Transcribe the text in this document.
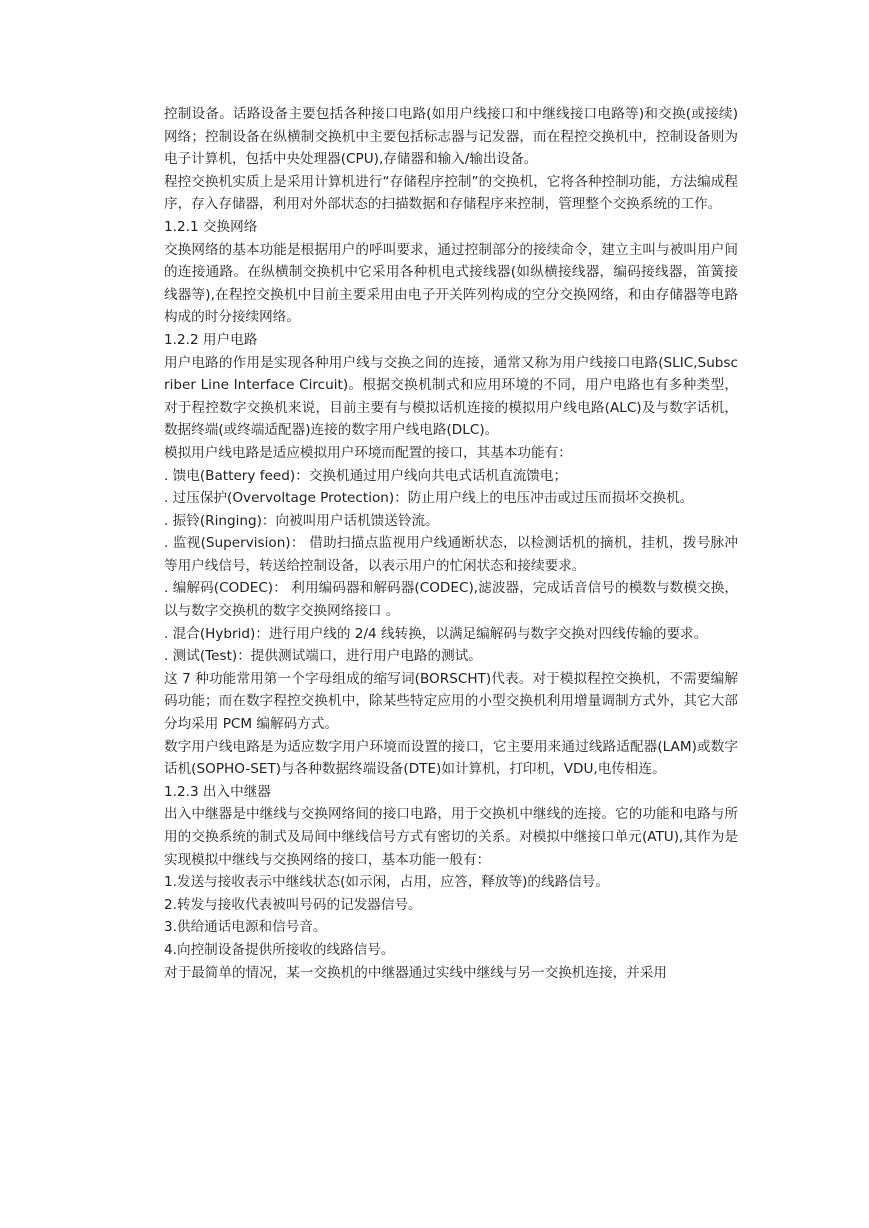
控制设备。话路设备主要包括各种接口电路(如用户线接口和中继线接口电路等)和交换(或接续)网络；控制设备在纵横制交换机中主要包括标志器与记发器，而在程控交换机中，控制设备则为电子计算机，包括中央处理器(CPU),存储器和输入/输出设备。

程控交换机实质上是采用计算机进行“存储程序控制”的交换机，它将各种控制功能，方法编成程序，存入存储器，利用对外部状态的扫描数据和存储程序来控制，管理整个交换系统的工作。

1.2.1 交换网络

交换网络的基本功能是根据用户的呼叫要求，通过控制部分的接续命令，建立主叫与被叫用户间的连接通路。在纵横制交换机中它采用各种机电式接线器(如纵横接线器，编码接线器，笛簧接线器等),在程控交换机中目前主要采用由电子开关阵列构成的空分交换网络，和由存储器等电路构成的时分接续网络。

1.2.2 用户电路

用户电路的作用是实现各种用户线与交换之间的连接，通常又称为用户线接口电路(SLIC,Subscriber Line Interface Circuit)。根据交换机制式和应用环境的不同，用户电路也有多种类型，对于程控数字交换机来说，目前主要有与模拟话机连接的模拟用户线电路(ALC)及与数字话机，数据终端(或终端适配器)连接的数字用户线电路(DLC)。

模拟用户线电路是适应模拟用户环境而配置的接口，其基本功能有：

. 馈电(Battery feed)：交换机通过用户线向共电式话机直流馈电；

. 过压保护(Overvoltage Protection)：防止用户线上的电压冲击或过压而损坏交换机。

. 振铃(Ringing)：向被叫用户话机馈送铃流。

. 监视(Supervision)： 借助扫描点监视用户线通断状态，以检测话机的摘机，挂机，拨号脉冲等用户线信号，转送给控制设备，以表示用户的忙闲状态和接续要求。

. 编解码(CODEC)： 利用编码器和解码器(CODEC),滤波器，完成话音信号的模数与数模交换，以与数字交换机的数字交换网络接口 。

. 混合(Hybrid)：进行用户线的 2/4 线转换，以满足编解码与数字交换对四线传输的要求。

. 测试(Test)：提供测试端口，进行用户电路的测试。

这 7 种功能常用第一个字母组成的缩写词(BORSCHT)代表。对于模拟程控交换机，不需要编解码功能；而在数字程控交换机中，除某些特定应用的小型交换机利用增量调制方式外，其它大部分均采用 PCM 编解码方式。

数字用户线电路是为适应数字用户环境而设置的接口，它主要用来通过线路适配器(LAM)或数字话机(SOPHO-SET)与各种数据终端设备(DTE)如计算机，打印机，VDU,电传相连。

1.2.3 出入中继器

出入中继器是中继线与交换网络间的接口电路，用于交换机中继线的连接。它的功能和电路与所用的交换系统的制式及局间中继线信号方式有密切的关系。对模拟中继接口单元(ATU),其作为是实现模拟中继线与交换网络的接口，基本功能一般有：

1.发送与接收表示中继线状态(如示闲，占用，应答，释放等)的线路信号。

2.转发与接收代表被叫号码的记发器信号。

3.供给通话电源和信号音。

4.向控制设备提供所接收的线路信号。

对于最简单的情况，某一交换机的中继器通过实线中继线与另一交换机连接，并采用
